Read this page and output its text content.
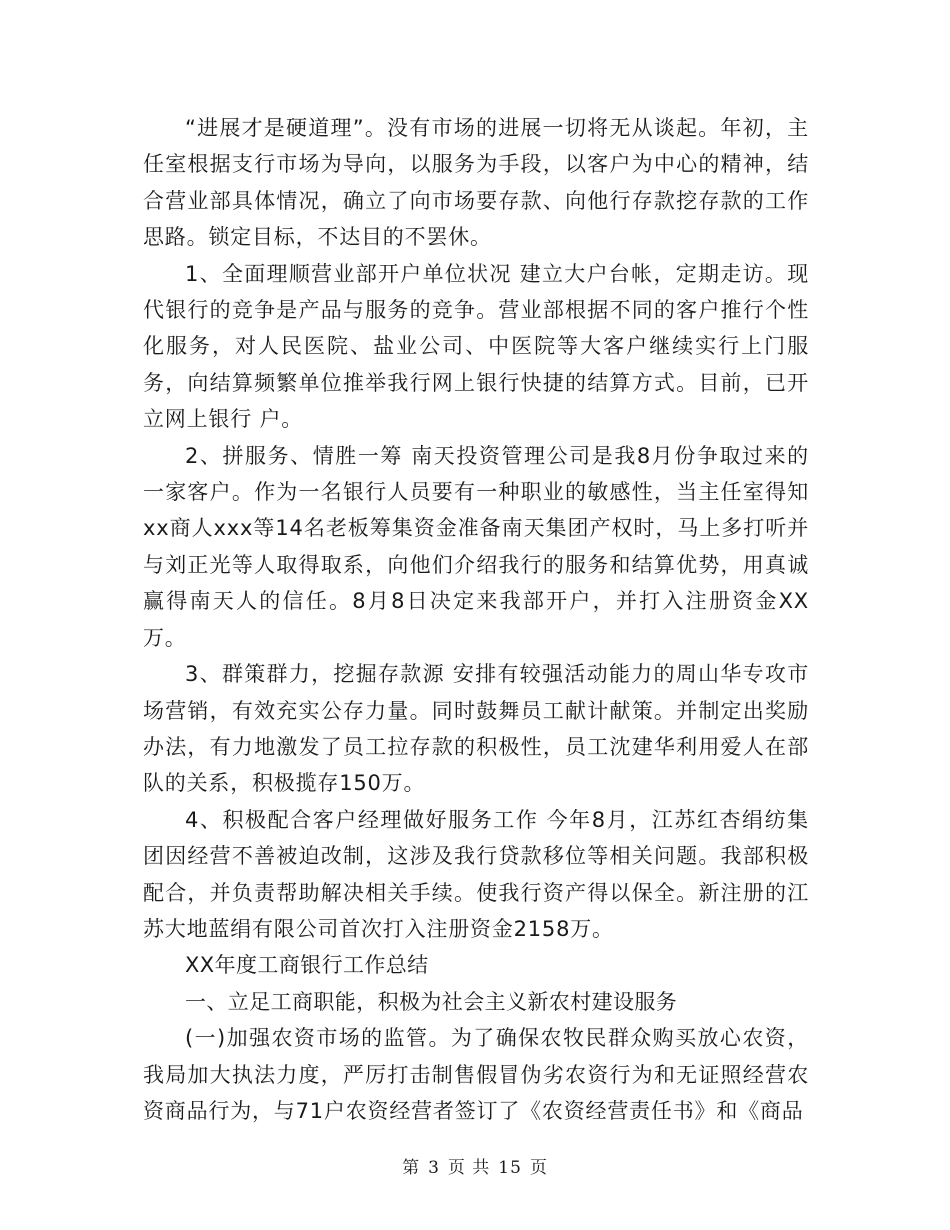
“进展才是硬道理”。没有市场的进展一切将无从谈起。年初，主任室根据支行市场为导向，以服务为手段，以客户为中心的精神，结合营业部具体情况，确立了向市场要存款、向他行存款挖存款的工作思路。锁定目标，不达目的不罢休。

1、全面理顺营业部开户单位状况 建立大户台帐，定期走访。现代银行的竞争是产品与服务的竞争。营业部根据不同的客户推行个性化服务，对人民医院、盐业公司、中医院等大客户继续实行上门服务，向结算频繁单位推举我行网上银行快捷的结算方式。目前，已开立网上银行 户。

2、拼服务、情胜一筹 南天投资管理公司是我8月份争取过来的一家客户。作为一名银行人员要有一种职业的敏感性，当主任室得知xx商人xxx等14名老板筹集资金准备南天集团产权时，马上多打听并与刘正光等人取得取系，向他们介绍我行的服务和结算优势，用真诚赢得南天人的信任。8月8日决定来我部开户，并打入注册资金XX万。

3、群策群力，挖掘存款源 安排有较强活动能力的周山华专攻市场营销，有效充实公存力量。同时鼓舞员工献计献策。并制定出奖励办法，有力地激发了员工拉存款的积极性，员工沈建华利用爱人在部队的关系，积极揽存150万。

4、积极配合客户经理做好服务工作 今年8月，江苏红杏绢纺集团因经营不善被迫改制，这涉及我行贷款移位等相关问题。我部积极配合，并负责帮助解决相关手续。使我行资产得以保全。新注册的江苏大地蓝绢有限公司首次打入注册资金2158万。

XX年度工商银行工作总结

一、立足工商职能，积极为社会主义新农村建设服务

(一)加强农资市场的监管。为了确保农牧民群众购买放心农资，我局加大执法力度，严厉打击制售假冒伪劣农资行为和无证照经营农资商品行为，与71户农资经营者签订了《农资经营责任书》和《商品

第 3 页 共 15 页
